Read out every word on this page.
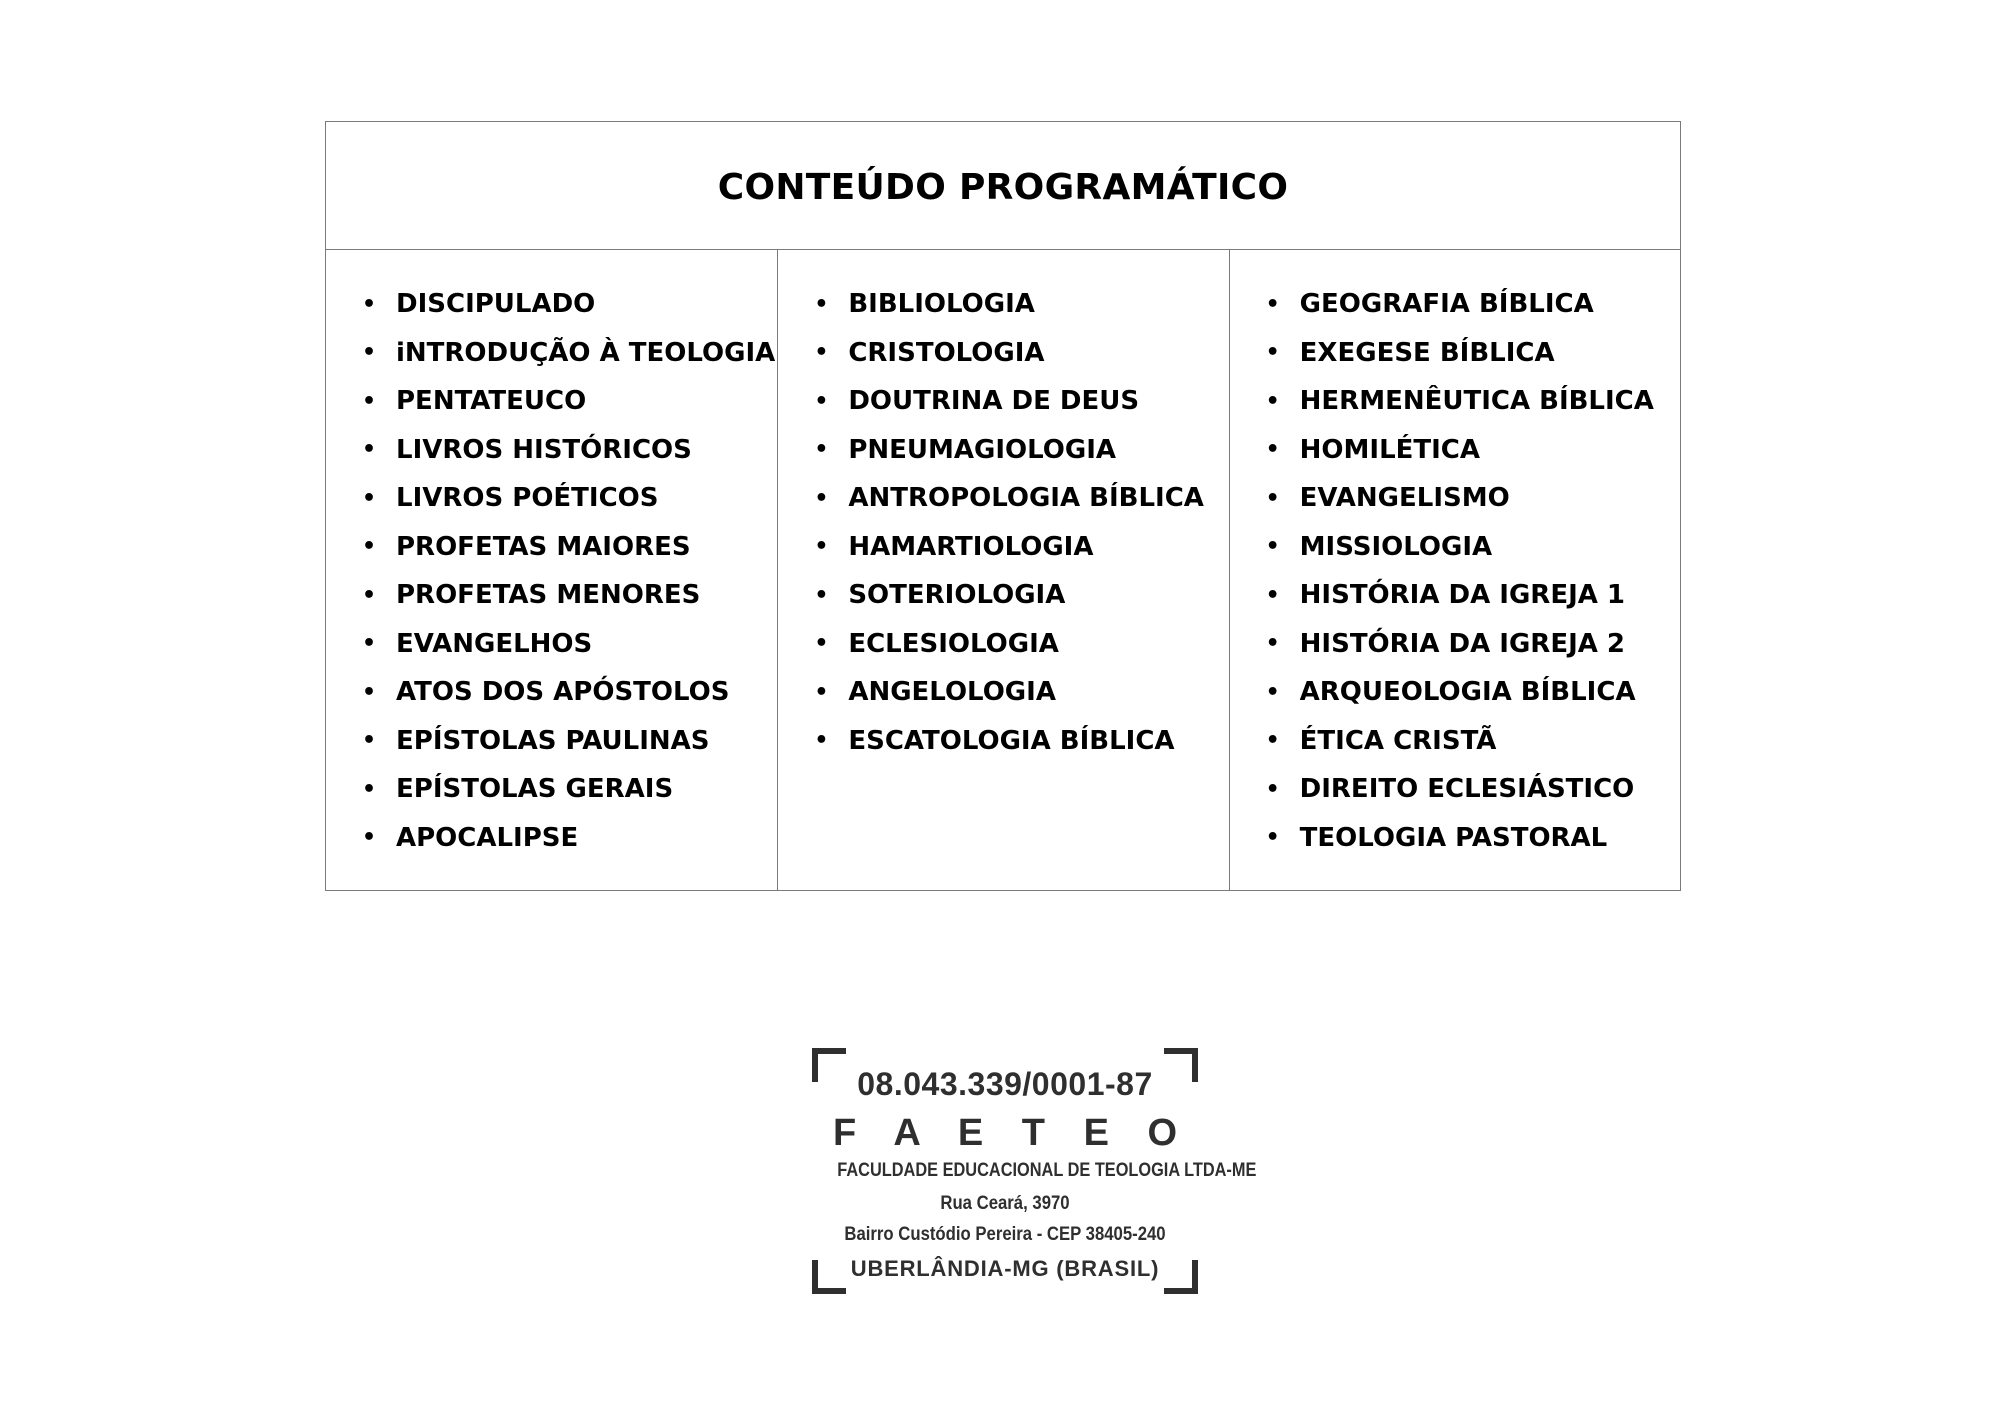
CONTEÚDO PROGRAMÁTICO
• DISCIPULADO
• iNTRODUÇÃO À TEOLOGIA
• PENTATEUCO
• LIVROS HISTÓRICOS
• LIVROS POÉTICOS
• PROFETAS MAIORES
• PROFETAS MENORES
• EVANGELHOS
• ATOS DOS APÓSTOLOS
• EPÍSTOLAS PAULINAS
• EPÍSTOLAS GERAIS
• APOCALIPSE
• BIBLIOLOGIA
• CRISTOLOGIA
• DOUTRINA DE DEUS
• PNEUMAGIOLOGIA
• ANTROPOLOGIA BÍBLICA
• HAMARTIOLOGIA
• SOTERIOLOGIA
• ECLESIOLOGIA
• ANGELOLOGIA
• ESCATOLOGIA BÍBLICA
• GEOGRAFIA BÍBLICA
• EXEGESE BÍBLICA
• HERMENÊUTICA BÍBLICA
• HOMILÉTICA
• EVANGELISMO
• MISSIOLOGIA
• HISTÓRIA DA IGREJA 1
• HISTÓRIA DA IGREJA 2
• ARQUEOLOGIA BÍBLICA
• ÉTICA CRISTÃ
• DIREITO ECLESIÁSTICO
• TEOLOGIA PASTORAL
08.043.339/0001-87
F A E T E O
FACULDADE EDUCACIONAL DE TEOLOGIA LTDA-ME
Rua Ceará, 3970
Bairro Custódio Pereira - CEP 38405-240
UBERLÂNDIA-MG (BRASIL)
